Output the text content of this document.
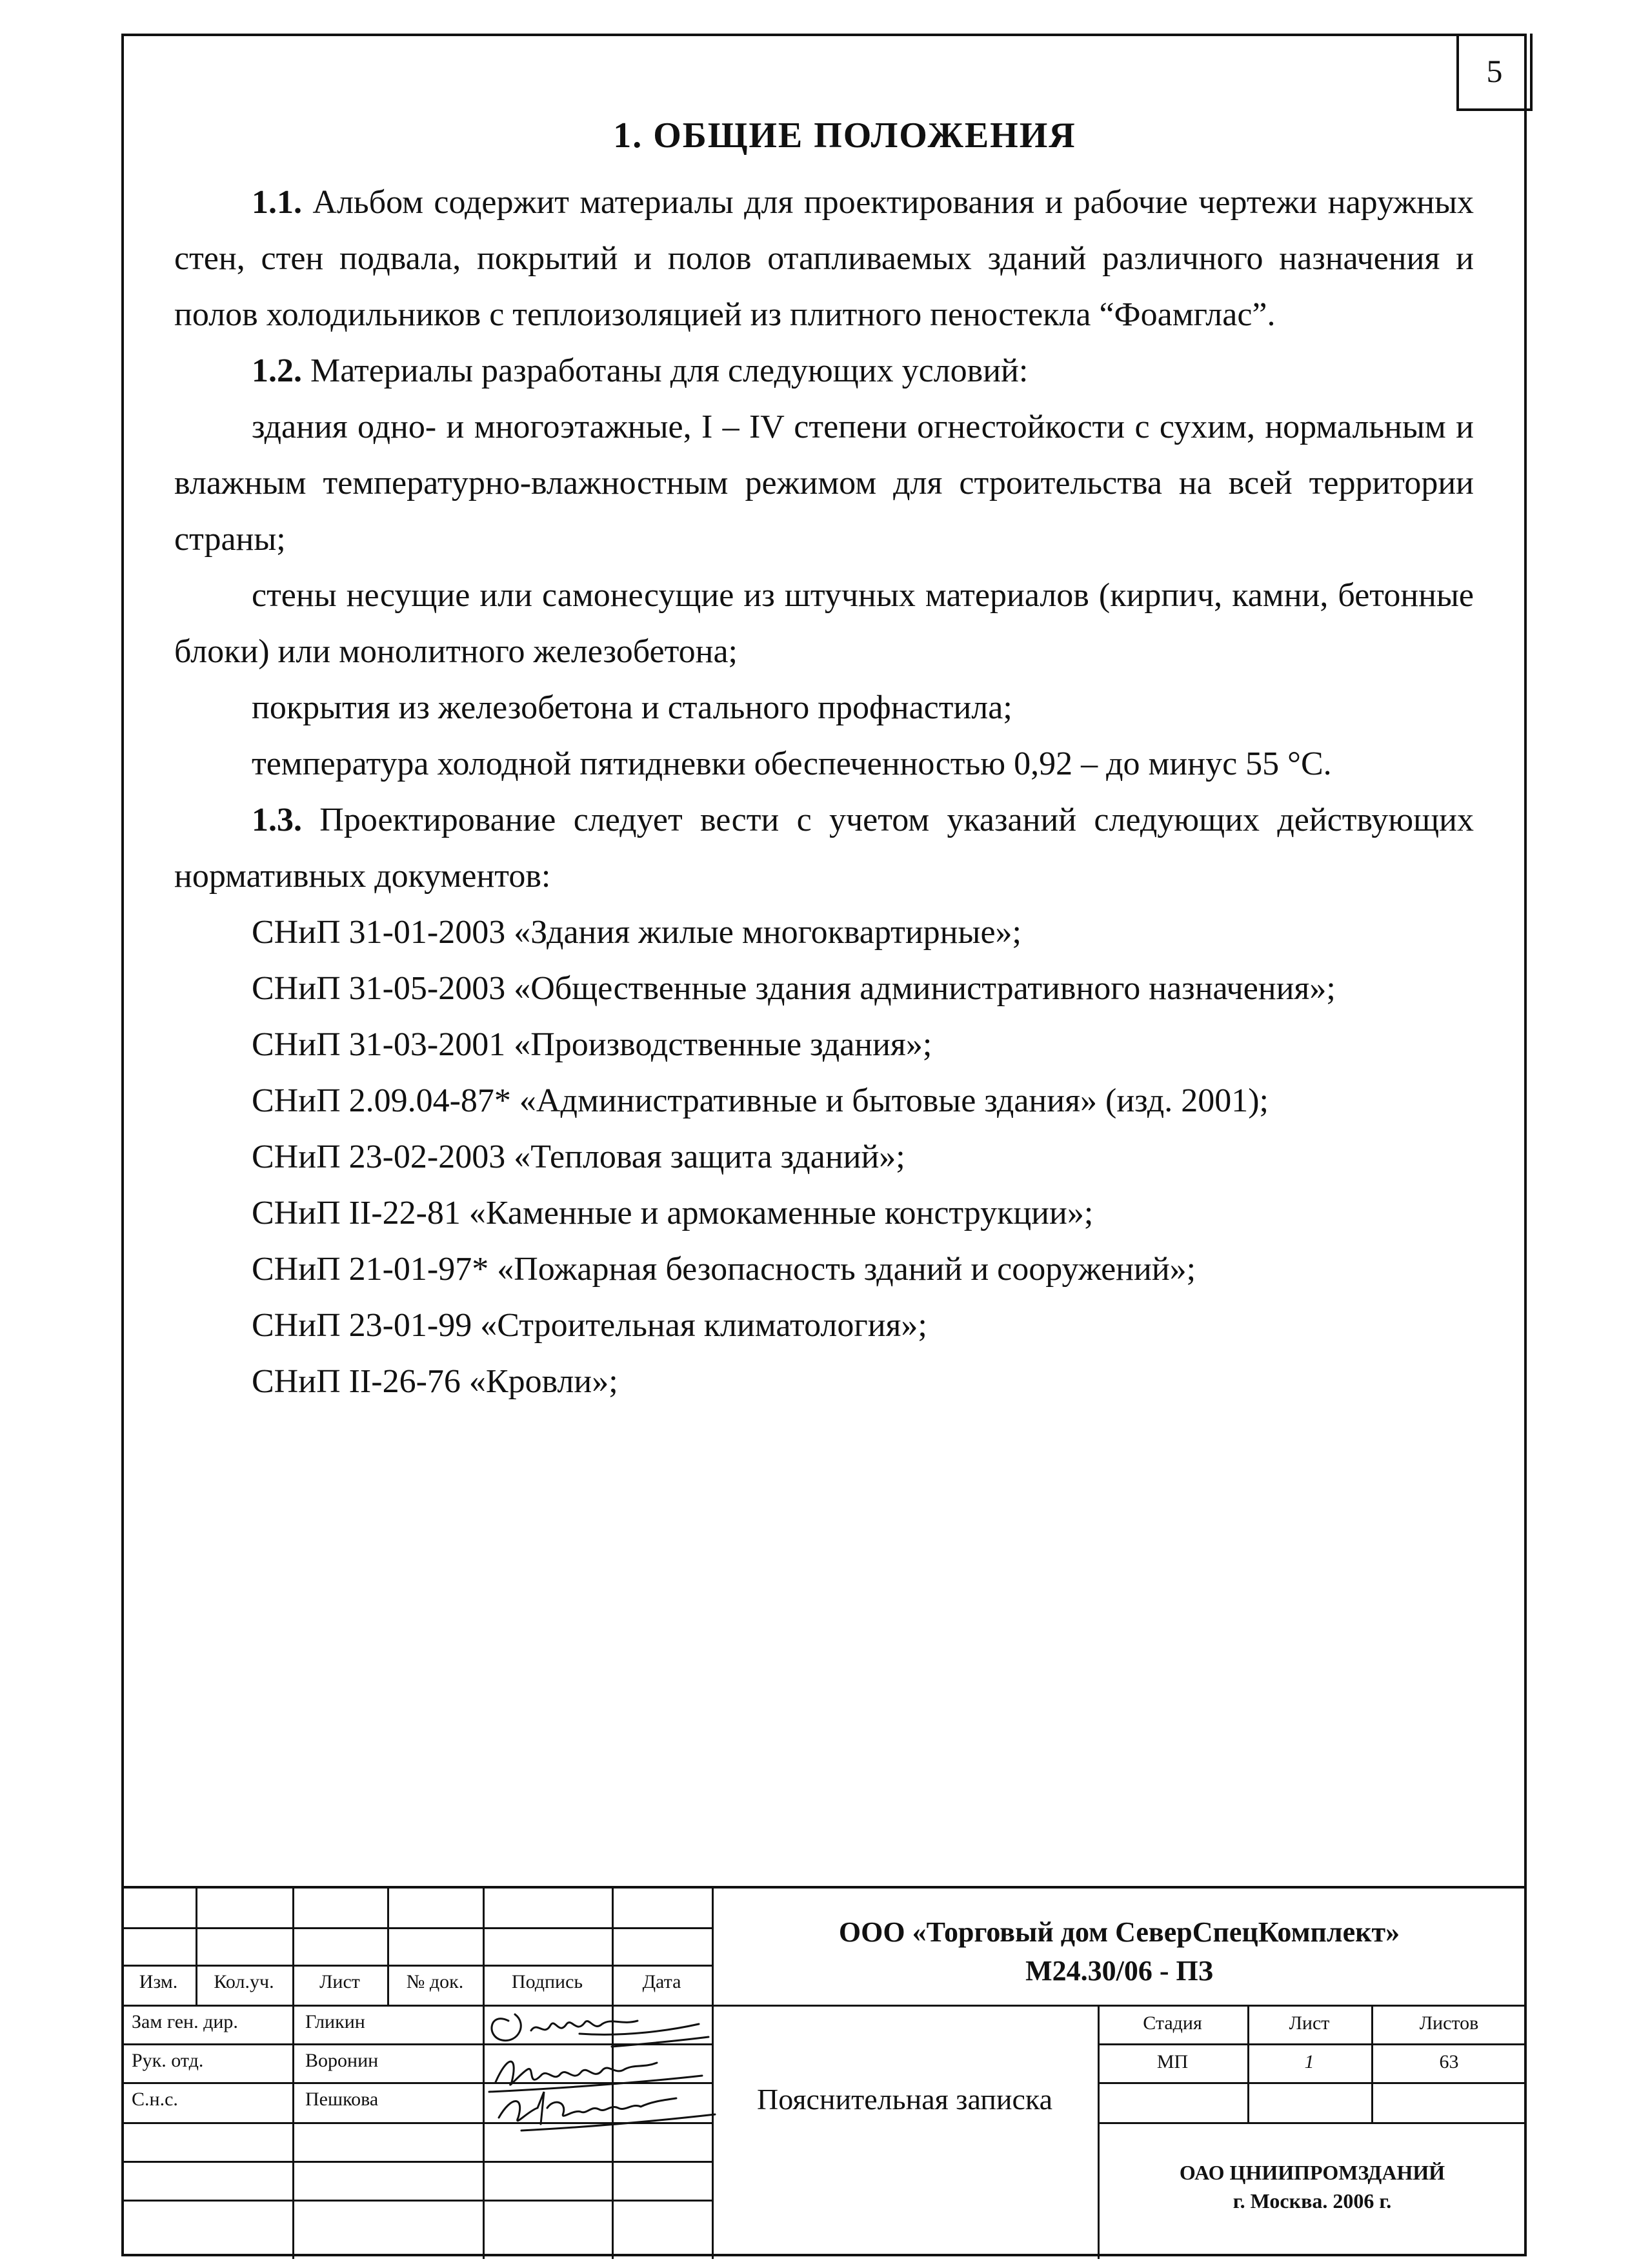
5
1. ОБЩИЕ ПОЛОЖЕНИЯ

1.1. Альбом содержит материалы для проектирования и рабочие чертежи наружных стен, стен подвала, покрытий и полов отапливаемых зданий различного назначения и полов холодильников с теплоизоляцией из плитного пеностекла “Фоамглас”.

1.2. Материалы разработаны для следующих условий:

здания одно- и многоэтажные, I – IV степени огнестойкости с сухим, нормальным и влажным температурно-влажностным режимом для строительства на всей территории страны;

стены несущие или самонесущие из штучных материалов (кирпич, камни, бетонные блоки) или монолитного железобетона;

покрытия из железобетона и стального профнастила;
температура холодной пятидневки обеспеченностью 0,92 – до минус 55 °С.

1.3. Проектирование следует вести с учетом указаний следующих действующих нормативных документов:

СНиП 31-01-2003 «Здания жилые многоквартирные»;
СНиП 31-05-2003 «Общественные здания административного назначения»;
СНиП 31-03-2001 «Производственные здания»;
СНиП 2.09.04-87* «Административные и бытовые здания» (изд. 2001);
СНиП 23-02-2003 «Тепловая защита зданий»;
СНиП II-22-81 «Каменные и армокаменные конструкции»;
СНиП 21-01-97* «Пожарная безопасность зданий и сооружений»;
СНиП 23-01-99 «Строительная климатология»;
СНиП II-26-76 «Кровли»;
Изм.	Кол.уч.	Лист	№ док.	Подпись	Дата
Зам ген. дир.	Гликин
Рук. отд.	Воронин
С.н.с.	Пешкова
ООО «Торговый дом СеверСпецКомплект»
М24.30/06 - ПЗ
Пояснительная записка
Стадия	Лист	Листов
МП	1	63
ОАО ЦНИИПРОМЗДАНИЙ
г. Москва. 2006 г.
